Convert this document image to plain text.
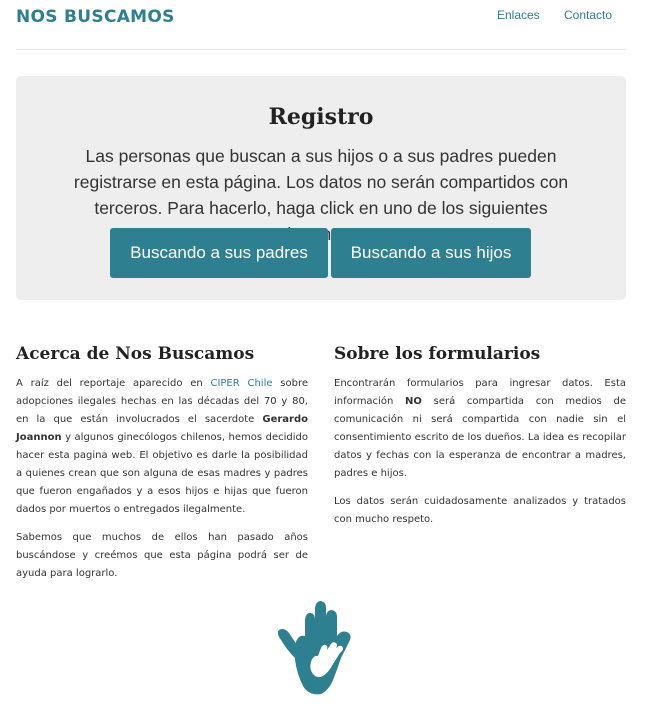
NOS BUSCAMOS	Enlaces Contacto
Registro

Las personas que buscan a sus hijos o a sus padres pueden registrarse en esta página. Los datos no serán compartidos con terceros. Para hacerlo, haga click en uno de los siguientes

Buscando a sus padres	Buscando a sus hijos
Acerca de Nos Buscamos

A raíz del reportaje aparecido en CIPER Chile sobre adopciones ilegales hechas en las décadas del 70 y 80, en la que están involucrados el sacerdote Gerardo Joannon y algunos ginecólogos chilenos, hemos decidido hacer esta pagina web. El objetivo es darle la posibilidad a quienes crean que son alguna de esas madres y padres que fueron engañados y a esos hijos e hijas que fueron dados por muertos o entregados ilegalmente.

Sabemos que muchos de ellos han pasado años buscándose y creémos que esta página podrá ser de ayuda para lograrlo.

Sobre los formularios

Encontrarán formularios para ingresar datos. Esta información NO será compartida con medios de comunicación ni será compartida con nadie sin el consentimiento escrito de los dueños. La idea es recopilar datos y fechas con la esperanza de encontrar a madres, padres e hijos.

Los datos serán cuidadosamente analizados y tratados con mucho respeto.
